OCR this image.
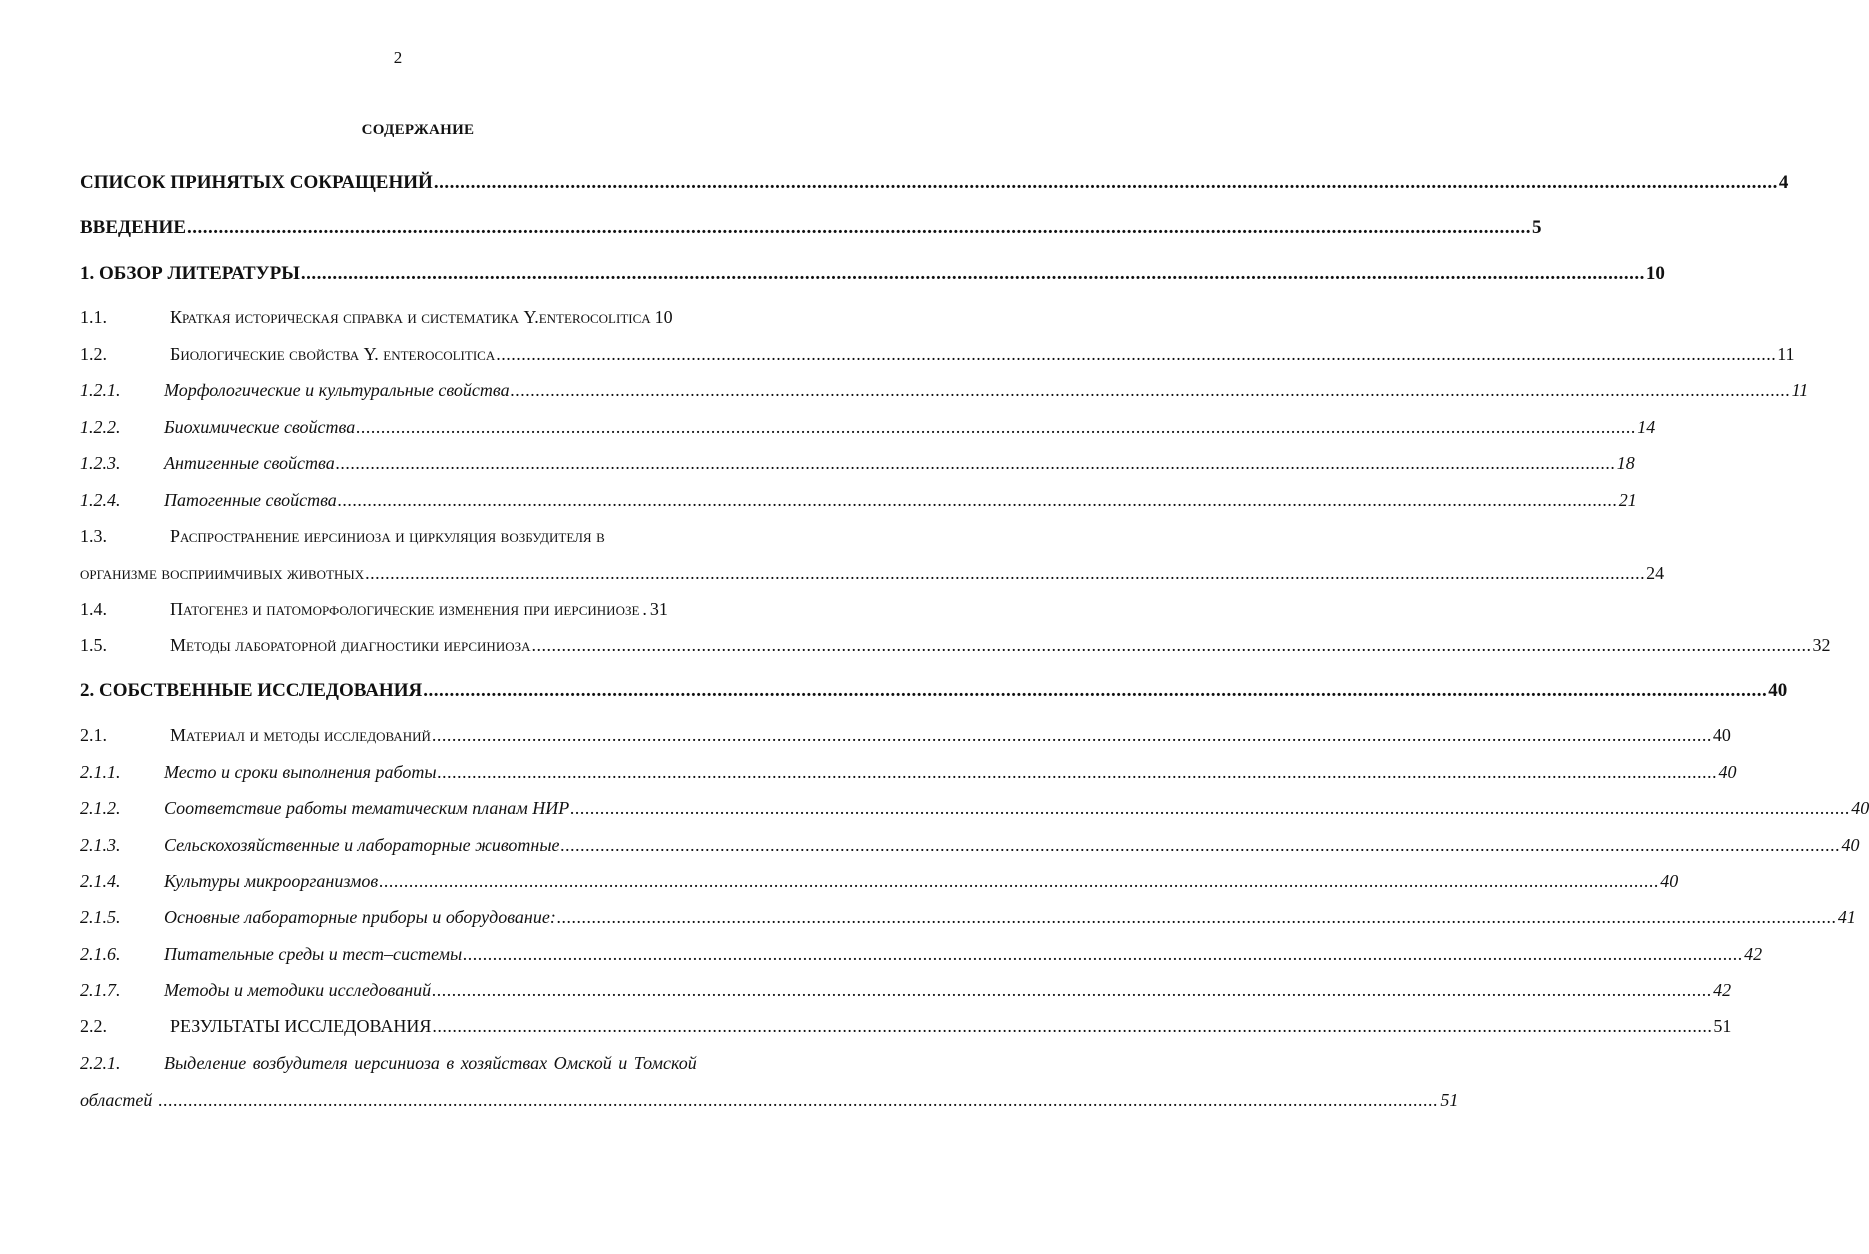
2
СОДЕРЖАНИЕ
СПИСОК ПРИНЯТЫХ СОКРАЩЕНИЙ .....	4
ВВЕДЕНИЕ .....	5
1. ОБЗОР ЛИТЕРАТУРЫ .....	10
1.1.	Краткая историческая справка и систематика Y.enterocolitica 10
1.2.	Биологические свойства Y. enterocolitica .....	11
1.2.1.	Морфологические и культуральные свойства .....	11
1.2.2.	Биохимические свойства .....	14
1.2.3.	Антигенные свойства .....	18
1.2.4.	Патогенные свойства .....	21
1.3.	Распространение иерсиниоза и циркуляция возбудителя в
организме восприимчивых животных .....	24
1.4.	Патогенез и патоморфологические изменения при иерсиниозе . 31
1.5.	Методы лабораторной диагностики иерсиниоза .....	32
2. СОБСТВЕННЫЕ ИССЛЕДОВАНИЯ .....	40
2.1.	Материал и методы исследований .....	40
2.1.1.	Место и сроки выполнения работы .....	40
2.1.2.	Соответствие работы тематическим планам НИР .....	40
2.1.3.	Сельскохозяйственные и лабораторные животные .....	40
2.1.4.	Культуры микроорганизмов .....	40
2.1.5.	Основные лабораторные приборы и оборудование: .....	41
2.1.6.	Питательные среды и тест–системы .....	42
2.1.7.	Методы и методики исследований .....	42
2.2.	РЕЗУЛЬТАТЫ ИССЛЕДОВАНИЯ .....	51
2.2.1.	Выделение возбудителя иерсиниоза в хозяйствах Омской и Томской
областей .....	51
